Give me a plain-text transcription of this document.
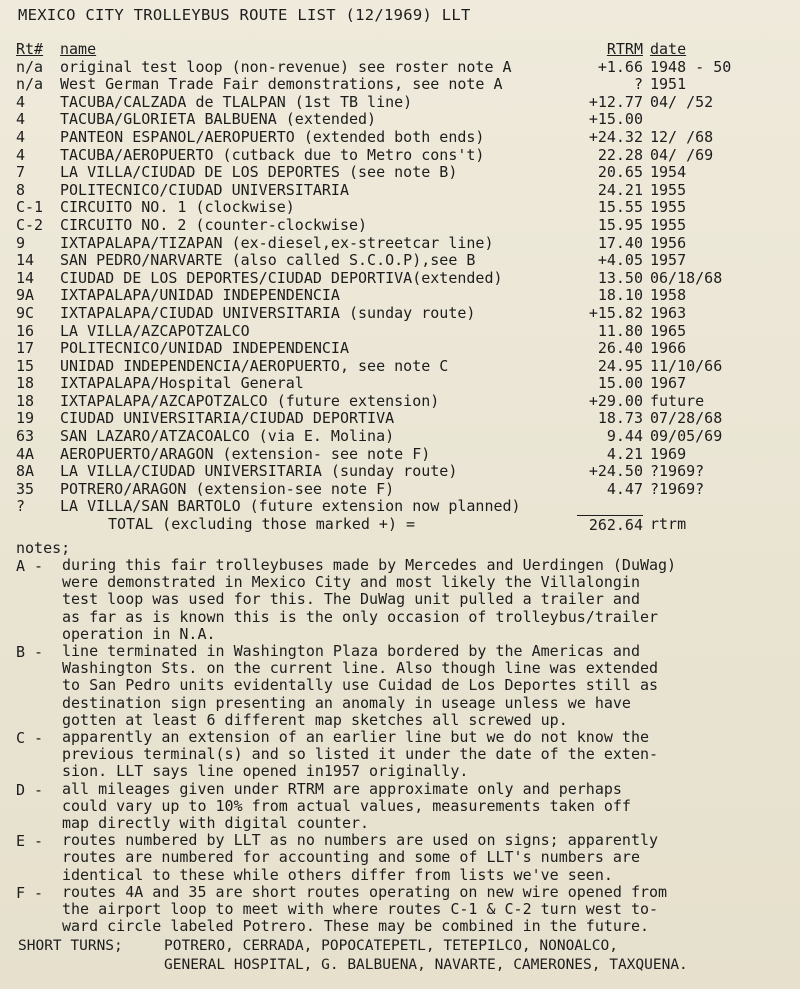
MEXICO CITY TROLLEYBUS ROUTE LIST (12/1969) LLT
Rt# name	RTRM date
n/a original test loop (non-revenue) see roster note A	+1.66 1948 - 50
n/a West German Trade Fair demonstrations, see note A	? 1951
4 TACUBA/CALZADA de TLALPAN (1st TB line)	+12.77 04/ /52
4 TACUBA/GLORIETA BALBUENA (extended)	+15.00
4 PANTEON ESPANOL/AEROPUERTO (extended both ends)	+24.32 12/ /68
4 TACUBA/AEROPUERTO (cutback due to Metro cons't)	22.28 04/ /69
7 LA VILLA/CIUDAD DE LOS DEPORTES (see note B)	20.65 1954
8 POLITECNICO/CIUDAD UNIVERSITARIA	24.21 1955
C-1 CIRCUITO NO. 1 (clockwise)	15.55 1955
C-2 CIRCUITO NO. 2 (counter-clockwise)	15.95 1955
9 IXTAPALAPA/TIZAPAN (ex-diesel,ex-streetcar line)	17.40 1956
14 SAN PEDRO/NARVARTE (also called S.C.O.P),see B	+4.05 1957
14 CIUDAD DE LOS DEPORTES/CIUDAD DEPORTIVA(extended)	13.50 06/18/68
9A IXTAPALAPA/UNIDAD INDEPENDENCIA	18.10 1958
9C IXTAPALAPA/CIUDAD UNIVERSITARIA (sunday route)	+15.82 1963
16 LA VILLA/AZCAPOTZALCO	11.80 1965
17 POLITECNICO/UNIDAD INDEPENDENCIA	26.40 1966
15 UNIDAD INDEPENDENCIA/AEROPUERTO, see note C	24.95 11/10/66
18 IXTAPALAPA/Hospital General	15.00 1967
18 IXTAPALAPA/AZCAPOTZALCO (future extension)	+29.00 future
19 CIUDAD UNIVERSITARIA/CIUDAD DEPORTIVA	18.73 07/28/68
63 SAN LAZARO/ATZACOALCO (via E. Molina)	9.44 09/05/69
4A AEROPUERTO/ARAGON (extension- see note F)	4.21 1969
8A LA VILLA/CIUDAD UNIVERSITARIA (sunday route)	+24.50 ?1969?
35 POTRERO/ARAGON (extension-see note F)	4.47 ?1969?
? LA VILLA/SAN BARTOLO (future extension now planned)
TOTAL (excluding those marked +) =	262.64 rtrm
notes;
A - during this fair trolleybuses made by Mercedes and Uerdingen (DuWag)
were demonstrated in Mexico City and most likely the Villalongin
test loop was used for this. The DuWag unit pulled a trailer and
as far as is known this is the only occasion of trolleybus/trailer
operation in N.A.
B - line terminated in Washington Plaza bordered by the Americas and
Washington Sts. on the current line. Also though line was extended
to San Pedro units evidentally use Cuidad de Los Deportes still as
destination sign presenting an anomaly in useage unless we have
gotten at least 6 different map sketches all screwed up.
C - apparently an extension of an earlier line but we do not know the
previous terminal(s) and so listed it under the date of the exten-
sion. LLT says line opened in1957 originally.
D - all mileages given under RTRM are approximate only and perhaps
could vary up to 10% from actual values, measurements taken off
map directly with digital counter.
E - routes numbered by LLT as no numbers are used on signs; apparently
routes are numbered for accounting and some of LLT's numbers are
identical to these while others differ from lists we've seen.
F - routes 4A and 35 are short routes operating on new wire opened from
the airport loop to meet with where routes C-1 & C-2 turn west to-
ward circle labeled Potrero. These may be combined in the future.
SHORT TURNS;	POTRERO, CERRADA, POPOCATEPETL, TETEPILCO, NONOALCO,
GENERAL HOSPITAL, G. BALBUENA, NAVARTE, CAMERONES, TAXQUENA.
